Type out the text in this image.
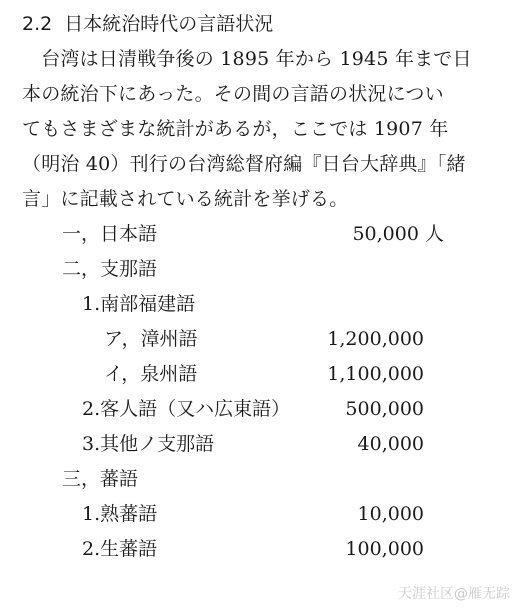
2.2 日本統治時代の言語状況
　台湾は日清戦争後の 1895 年から 1945 年まで日
本の統治下にあった。その間の言語の状況につい
てもさまざまな統計があるが，ここでは 1907 年
（明治 40）刊行の台湾総督府編『日台大辞典』「緒
言」に記載されている統計を挙げる。
一，日本語	50,000 人
二，支那語
1.南部福建語
ア，漳州語	1,200,000
イ，泉州語	1,100,000
2.客人語（又ハ広東語）	500,000
3.其他ノ支那語	40,000
三，蕃語
1.熟蕃語	10,000
2.生蕃語	100,000
天涯社区@雁无踪
